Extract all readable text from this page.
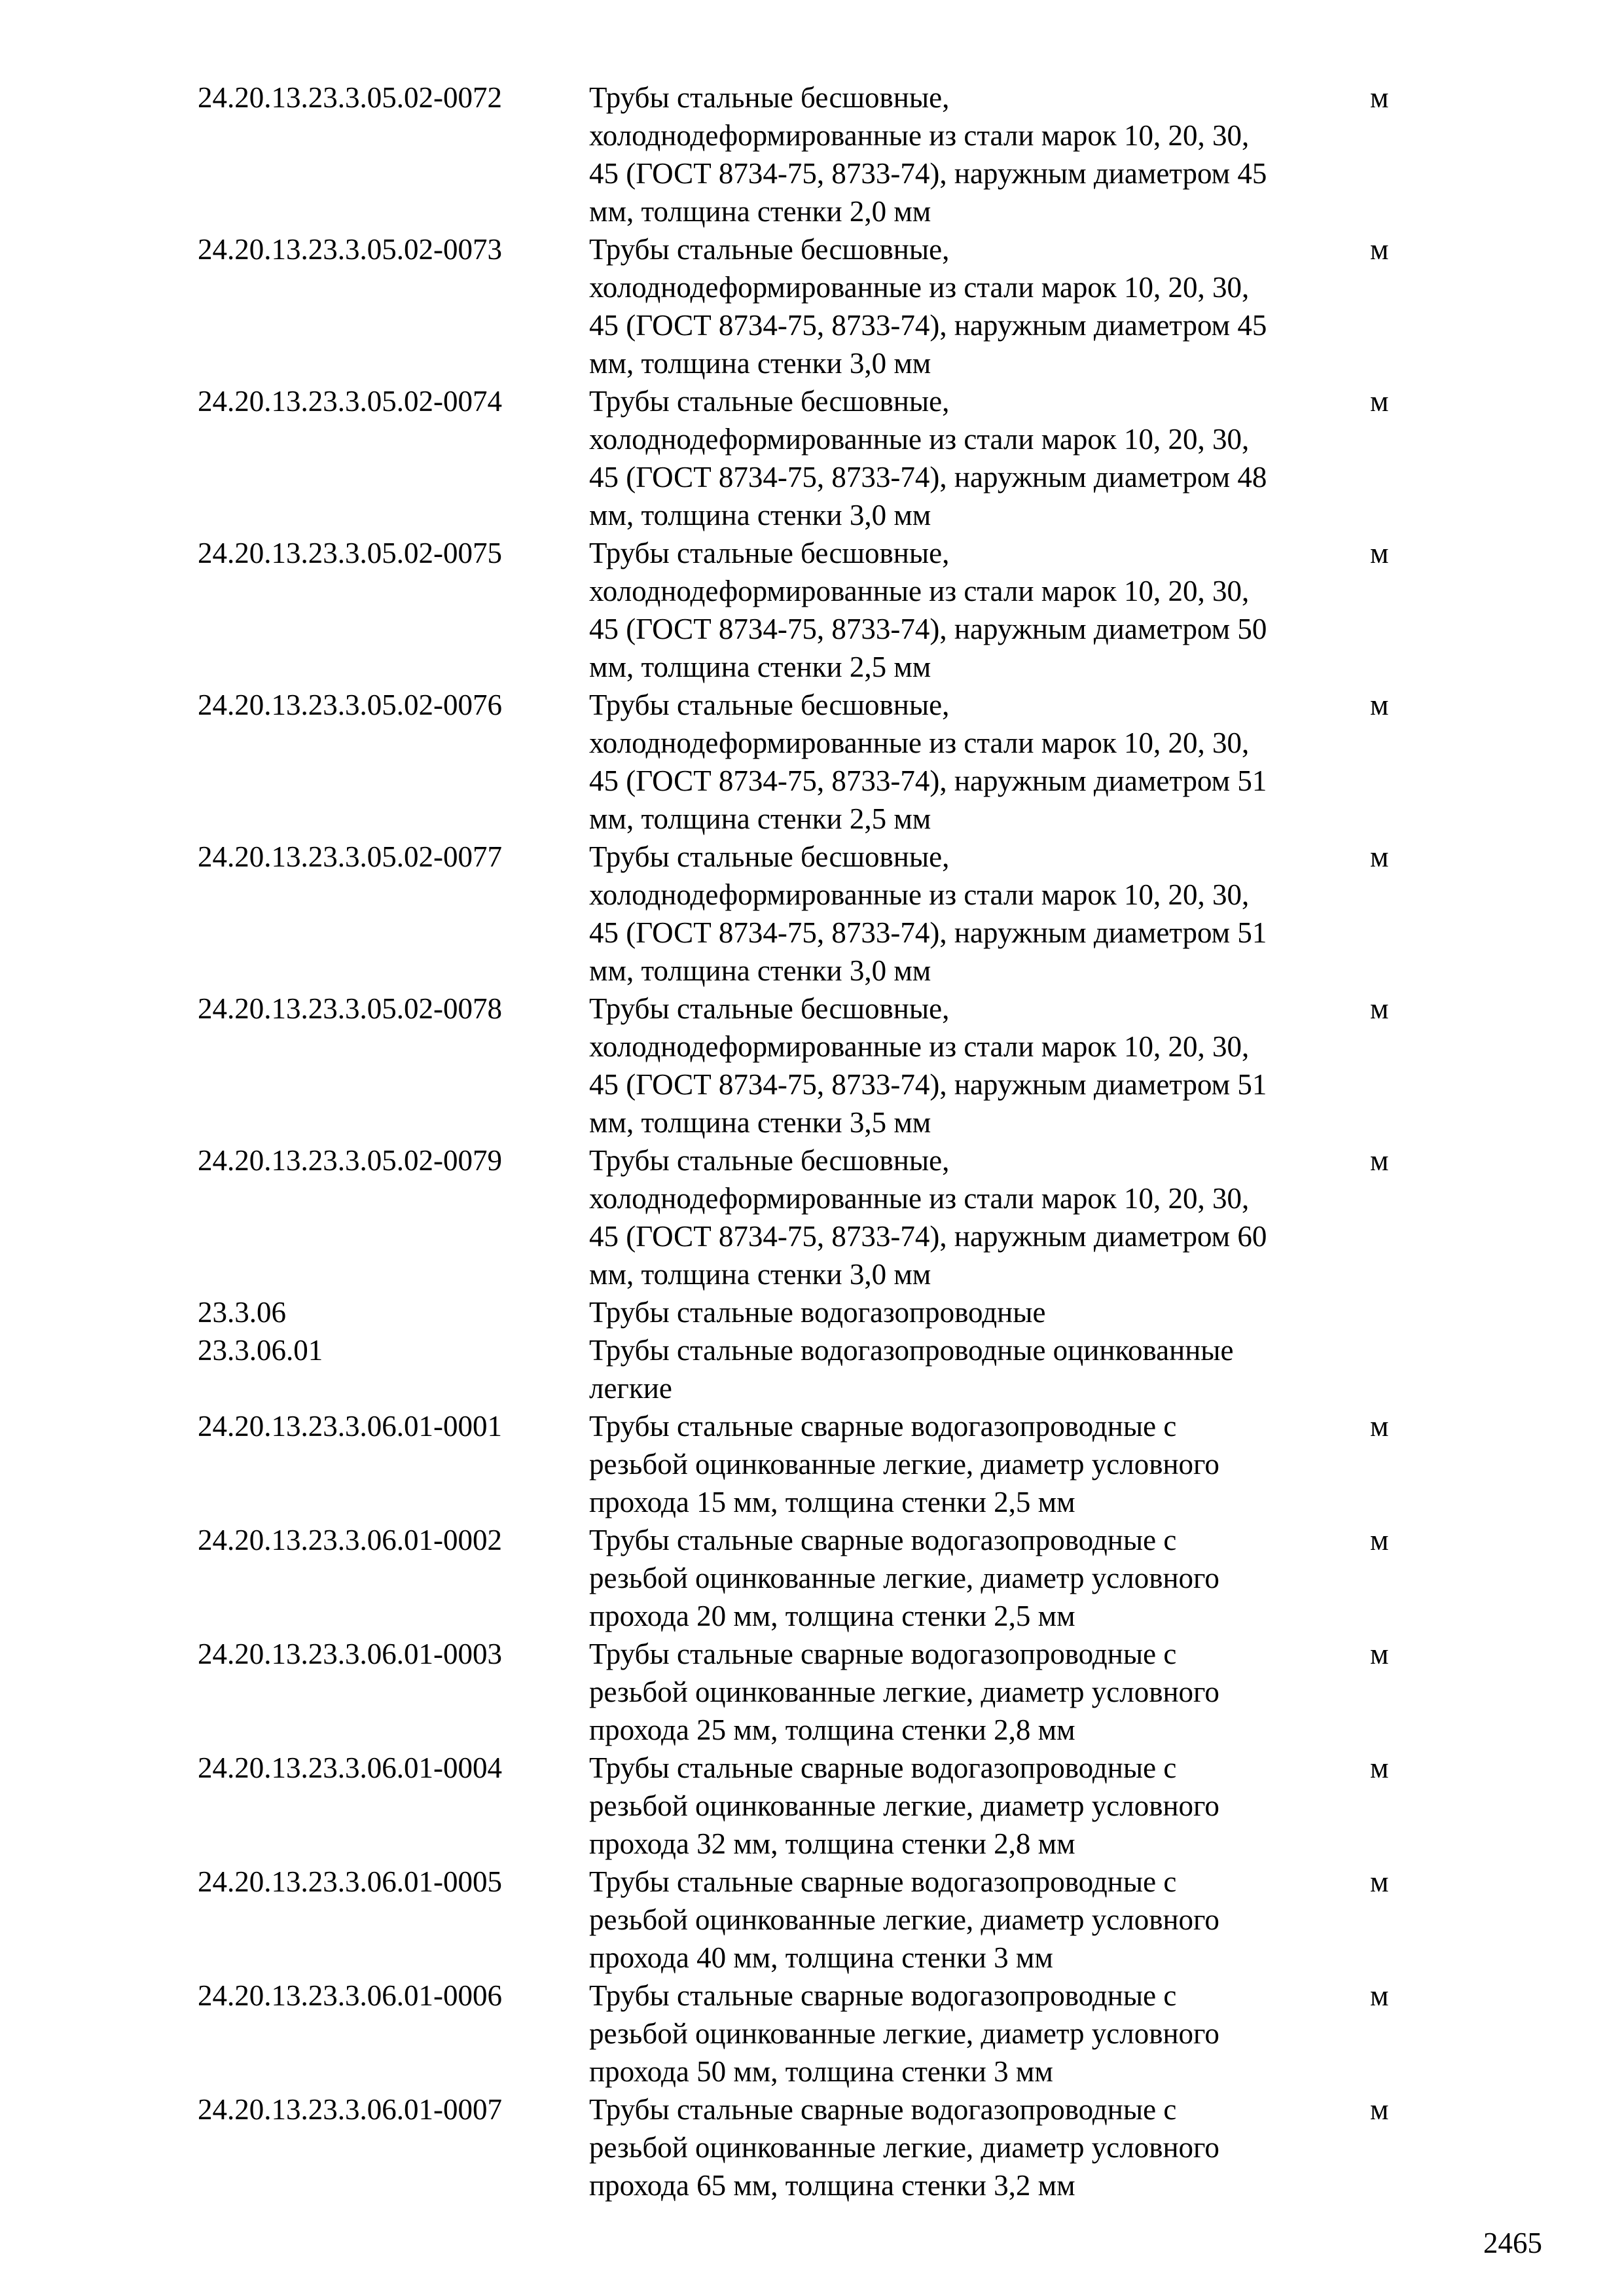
24.20.13.23.3.05.02-0072	Трубы стальные бесшовные,
холоднодеформированные из стали марок 10, 20, 30,
45 (ГОСТ 8734-75, 8733-74), наружным диаметром 45
мм, толщина стенки 2,0 мм
м
24.20.13.23.3.05.02-0073	Трубы стальные бесшовные,
холоднодеформированные из стали марок 10, 20, 30,
45 (ГОСТ 8734-75, 8733-74), наружным диаметром 45
мм, толщина стенки 3,0 мм
м
24.20.13.23.3.05.02-0074	Трубы стальные бесшовные,
холоднодеформированные из стали марок 10, 20, 30,
45 (ГОСТ 8734-75, 8733-74), наружным диаметром 48
мм, толщина стенки 3,0 мм
м
24.20.13.23.3.05.02-0075	Трубы стальные бесшовные,
холоднодеформированные из стали марок 10, 20, 30,
45 (ГОСТ 8734-75, 8733-74), наружным диаметром 50
мм, толщина стенки 2,5 мм
м
24.20.13.23.3.05.02-0076	Трубы стальные бесшовные,
холоднодеформированные из стали марок 10, 20, 30,
45 (ГОСТ 8734-75, 8733-74), наружным диаметром 51
мм, толщина стенки 2,5 мм
м
24.20.13.23.3.05.02-0077	Трубы стальные бесшовные,
холоднодеформированные из стали марок 10, 20, 30,
45 (ГОСТ 8734-75, 8733-74), наружным диаметром 51
мм, толщина стенки 3,0 мм
м
24.20.13.23.3.05.02-0078	Трубы стальные бесшовные,
холоднодеформированные из стали марок 10, 20, 30,
45 (ГОСТ 8734-75, 8733-74), наружным диаметром 51
мм, толщина стенки 3,5 мм
м
24.20.13.23.3.05.02-0079	Трубы стальные бесшовные,
холоднодеформированные из стали марок 10, 20, 30,
45 (ГОСТ 8734-75, 8733-74), наружным диаметром 60
мм, толщина стенки 3,0 мм
м
23.3.06	Трубы стальные водогазопроводные
23.3.06.01	Трубы стальные водогазопроводные оцинкованные
легкие
24.20.13.23.3.06.01-0001	Трубы стальные сварные водогазопроводные с
резьбой оцинкованные легкие, диаметр условного
прохода 15 мм, толщина стенки 2,5 мм
м
24.20.13.23.3.06.01-0002	Трубы стальные сварные водогазопроводные с
резьбой оцинкованные легкие, диаметр условного
прохода 20 мм, толщина стенки 2,5 мм
м
24.20.13.23.3.06.01-0003	Трубы стальные сварные водогазопроводные с
резьбой оцинкованные легкие, диаметр условного
прохода 25 мм, толщина стенки 2,8 мм
м
24.20.13.23.3.06.01-0004	Трубы стальные сварные водогазопроводные с
резьбой оцинкованные легкие, диаметр условного
прохода 32 мм, толщина стенки 2,8 мм
м
24.20.13.23.3.06.01-0005	Трубы стальные сварные водогазопроводные с
резьбой оцинкованные легкие, диаметр условного
прохода 40 мм, толщина стенки 3 мм
м
24.20.13.23.3.06.01-0006	Трубы стальные сварные водогазопроводные с
резьбой оцинкованные легкие, диаметр условного
прохода 50 мм, толщина стенки 3 мм
м
24.20.13.23.3.06.01-0007	Трубы стальные сварные водогазопроводные с
резьбой оцинкованные легкие, диаметр условного
прохода 65 мм, толщина стенки 3,2 мм
м
2465
